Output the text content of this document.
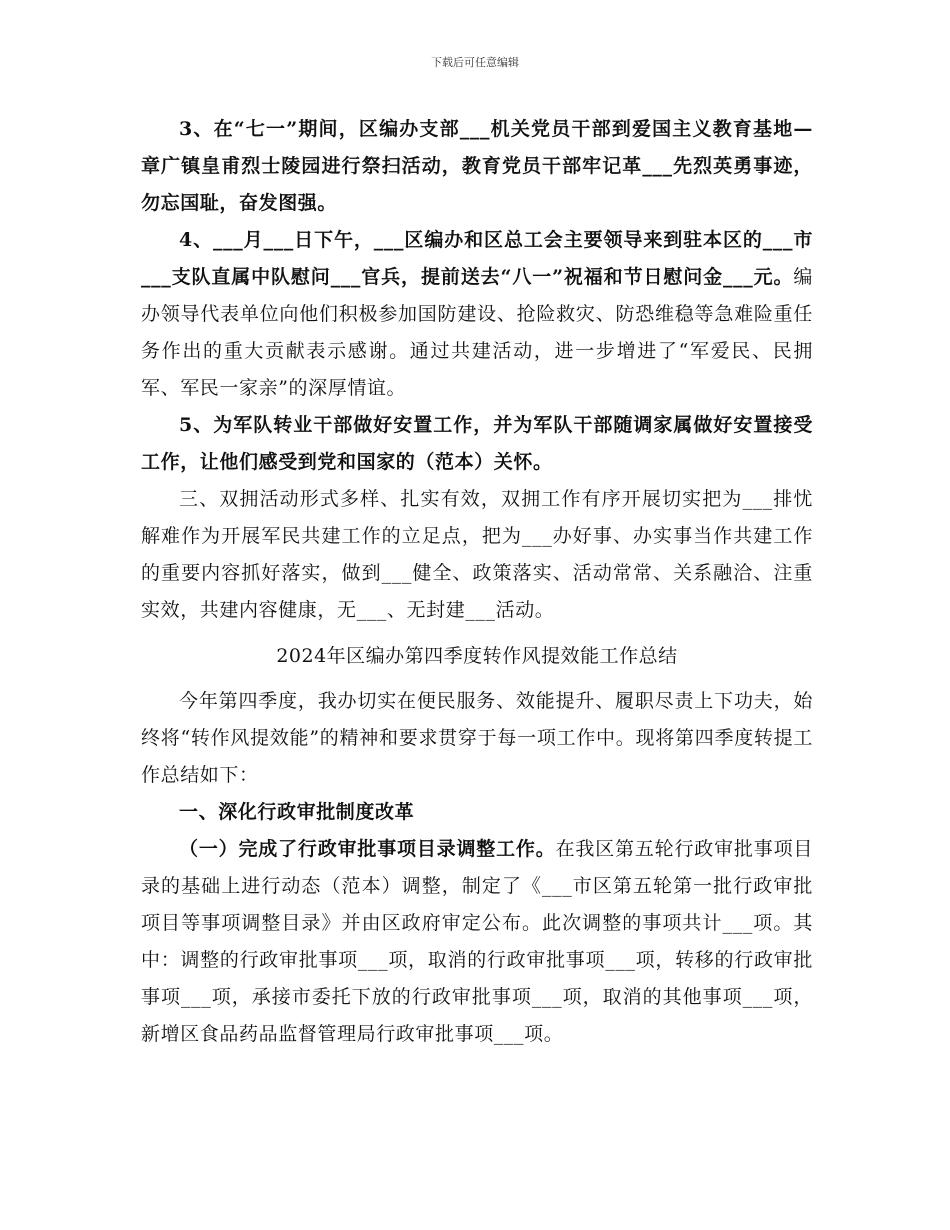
下载后可任意编辑

3、在“七一”期间，区编办支部___机关党员干部到爱国主义教育基地—章广镇皇甫烈士陵园进行祭扫活动，教育党员干部牢记革___先烈英勇事迹，勿忘国耻，奋发图强。

4、___月___日下午，___区编办和区总工会主要领导来到驻本区的___市___支队直属中队慰问___官兵，提前送去“八一”祝福和节日慰问金___元。编办领导代表单位向他们积极参加国防建设、抢险救灾、防恐维稳等急难险重任务作出的重大贡献表示感谢。通过共建活动，进一步增进了“军爱民、民拥军、军民一家亲”的深厚情谊。

5、为军队转业干部做好安置工作，并为军队干部随调家属做好安置接受工作，让他们感受到党和国家的（范本）关怀。

三、双拥活动形式多样、扎实有效，双拥工作有序开展切实把为___排忧解难作为开展军民共建工作的立足点，把为___办好事、办实事当作共建工作的重要内容抓好落实，做到___健全、政策落实、活动常常、关系融洽、注重实效，共建内容健康，无___、无封建___活动。

2024年区编办第四季度转作风提效能工作总结

今年第四季度，我办切实在便民服务、效能提升、履职尽责上下功夫，始终将“转作风提效能”的精神和要求贯穿于每一项工作中。现将第四季度转提工作总结如下：

一、深化行政审批制度改革

（一）完成了行政审批事项目录调整工作。在我区第五轮行政审批事项目录的基础上进行动态（范本）调整，制定了《___市区第五轮第一批行政审批项目等事项调整目录》并由区政府审定公布。此次调整的事项共计___项。其中：调整的行政审批事项___项，取消的行政审批事项___项，转移的行政审批事项___项，承接市委托下放的行政审批事项___项，取消的其他事项___项，新增区食品药品监督管理局行政审批事项___项。
